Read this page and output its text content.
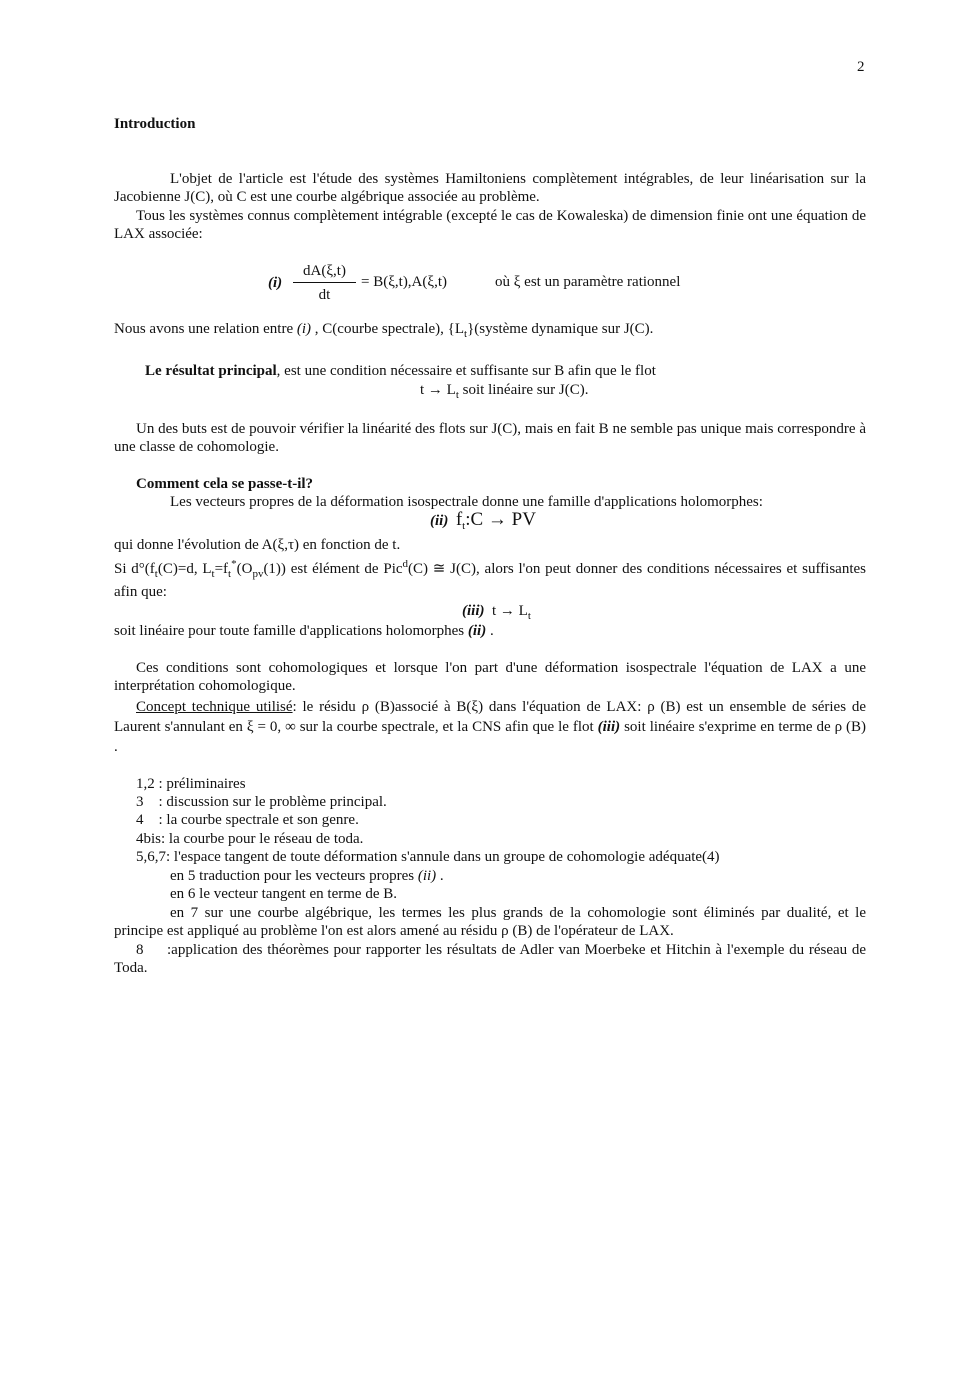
2
Introduction
L'objet de l'article est l'étude des systèmes Hamiltoniens complètement intégrables, de leur linéarisation sur la Jacobienne J(C), où C est une courbe algébrique associée au problème.
Tous les systèmes connus complètement intégrable (excepté le cas de Kowaleska) de dimension finie ont une équation de LAX associée:
$(i) \frac{dA(\xi,t)}{dt} = B(\xi,t),A(\xi,t)$	où ξ est un paramètre rationnel
Nous avons une relation entre (i) , C(courbe spectrale), $\{L_t\}(système$ dynamique sur J(C).
Le résultat principal, est une condition nécessaire et suffisante sur B afin que le flot
$t \to L_t$ soit linéaire sur J(C).
Un des buts est de pouvoir vérifier la linéarité des flots sur J(C), mais en fait B ne semble pas unique mais correspondre à une classe de cohomologie.
Comment cela se passe-t-il?
Les vecteurs propres de la déformation isospectrale donne une famille d'applications holomorphes:
(ii) $f_t:C$ → PV
qui donne l'évolution de A(ξ,τ) en fonction de t.
Si $d^\circ(f_t(C)=d$, $L_t=f_t^*(O_{pv}(1))$ est élément de Pic$^d$(C) ≅ J(C), alors l'on peut donner des conditions nécessaires et suffisantes afin que:
(iii) $t \to L_t$
soit linéaire pour toute famille d'applications holomorphes (ii) .
Ces conditions sont cohomologiques et lorsque l'on part d'une déformation isospectrale l'équation de LAX a une interprétation cohomologique.
Concept technique utilisé: le résidu ρ (B)associé à B(ξ) dans l'équation de LAX: ρ (B) est un ensemble de séries de Laurent s'annulant en ξ = 0, ∞ sur la courbe spectrale, et la CNS afin que le flot (iii) soit linéaire s'exprime en terme de ρ (B) .
1,2 : préliminaires
3    : discussion sur le problème principal.
4    : la courbe spectrale et son genre.
4bis: la courbe pour le réseau de toda.
5,6,7: l'espace tangent de toute déformation s'annule dans un groupe de cohomologie adéquate(4)
en 5 traduction pour les vecteurs propres (ii) .
en 6 le vecteur tangent en terme de B.
en 7 sur une courbe algébrique, les termes les plus grands de la cohomologie sont éliminés par dualité, et le principe est appliqué au problème l'on est alors amené au résidu ρ (B) de l'opérateur de LAX.
8     :application des théorèmes pour rapporter les résultats de Adler van Moerbeke et Hitchin à l'exemple du réseau de Toda.
